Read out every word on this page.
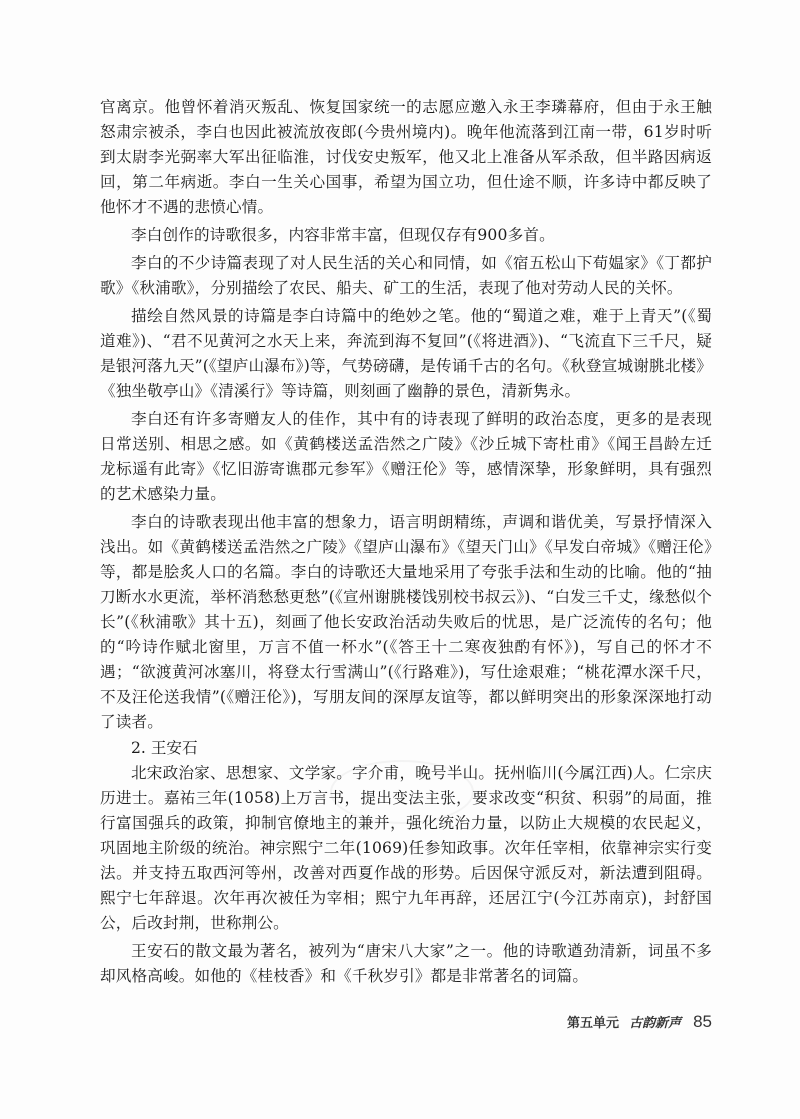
官离京。他曾怀着消灭叛乱、恢复国家统一的志愿应邀入永王李璘幕府，但由于永王触怒肃宗被杀，李白也因此被流放夜郎(今贵州境内)。晚年他流落到江南一带，61岁时听到太尉李光弼率大军出征临淮，讨伐安史叛军，他又北上准备从军杀敌，但半路因病返回，第二年病逝。李白一生关心国事，希望为国立功，但仕途不顺，许多诗中都反映了他怀才不遇的悲愤心情。

李白创作的诗歌很多，内容非常丰富，但现仅存有900多首。

李白的不少诗篇表现了对人民生活的关心和同情，如《宿五松山下荀媪家》《丁都护歌》《秋浦歌》，分别描绘了农民、船夫、矿工的生活，表现了他对劳动人民的关怀。

描绘自然风景的诗篇是李白诗篇中的绝妙之笔。他的“蜀道之难，难于上青天”(《蜀道难》)、“君不见黄河之水天上来，奔流到海不复回”(《将进酒》)、“飞流直下三千尺，疑是银河落九天”(《望庐山瀑布》)等，气势磅礴，是传诵千古的名句。《秋登宣城谢朓北楼》《独坐敬亭山》《清溪行》等诗篇，则刻画了幽静的景色，清新隽永。

李白还有许多寄赠友人的佳作，其中有的诗表现了鲜明的政治态度，更多的是表现日常送别、相思之感。如《黄鹤楼送孟浩然之广陵》《沙丘城下寄杜甫》《闻王昌龄左迁龙标遥有此寄》《忆旧游寄谯郡元参军》《赠汪伦》等，感情深挚，形象鲜明，具有强烈的艺术感染力量。

李白的诗歌表现出他丰富的想象力，语言明朗精练，声调和谐优美，写景抒情深入浅出。如《黄鹤楼送孟浩然之广陵》《望庐山瀑布》《望天门山》《早发白帝城》《赠汪伦》等，都是脍炙人口的名篇。李白的诗歌还大量地采用了夸张手法和生动的比喻。他的“抽刀断水水更流，举杯消愁愁更愁”(《宣州谢朓楼饯别校书叔云》)、“白发三千丈，缘愁似个长”(《秋浦歌》其十五)，刻画了他长安政治活动失败后的忧思，是广泛流传的名句；他的“吟诗作赋北窗里，万言不值一杯水”(《答王十二寒夜独酌有怀》)，写自己的怀才不遇；“欲渡黄河冰塞川，将登太行雪满山”(《行路难》)，写仕途艰难；“桃花潭水深千尺，不及汪伦送我情”(《赠汪伦》)，写朋友间的深厚友谊等，都以鲜明突出的形象深深地打动了读者。

2. 王安石

北宋政治家、思想家、文学家。字介甫，晚号半山。抚州临川(今属江西)人。仁宗庆历进士。嘉祐三年(1058)上万言书，提出变法主张，要求改变“积贫、积弱”的局面，推行富国强兵的政策，抑制官僚地主的兼并，强化统治力量，以防止大规模的农民起义，巩固地主阶级的统治。神宗熙宁二年(1069)任参知政事。次年任宰相，依靠神宗实行变法。并支持五取西河等州，改善对西夏作战的形势。后因保守派反对，新法遭到阻碍。熙宁七年辞退。次年再次被任为宰相；熙宁九年再辞，还居江宁(今江苏南京)，封舒国公，后改封荆，世称荆公。

王安石的散文最为著名，被列为“唐宋八大家”之一。他的诗歌遒劲清新，词虽不多却风格高峻。如他的《桂枝香》和《千秋岁引》都是非常著名的词篇。

第五单元 古韵新声 85
